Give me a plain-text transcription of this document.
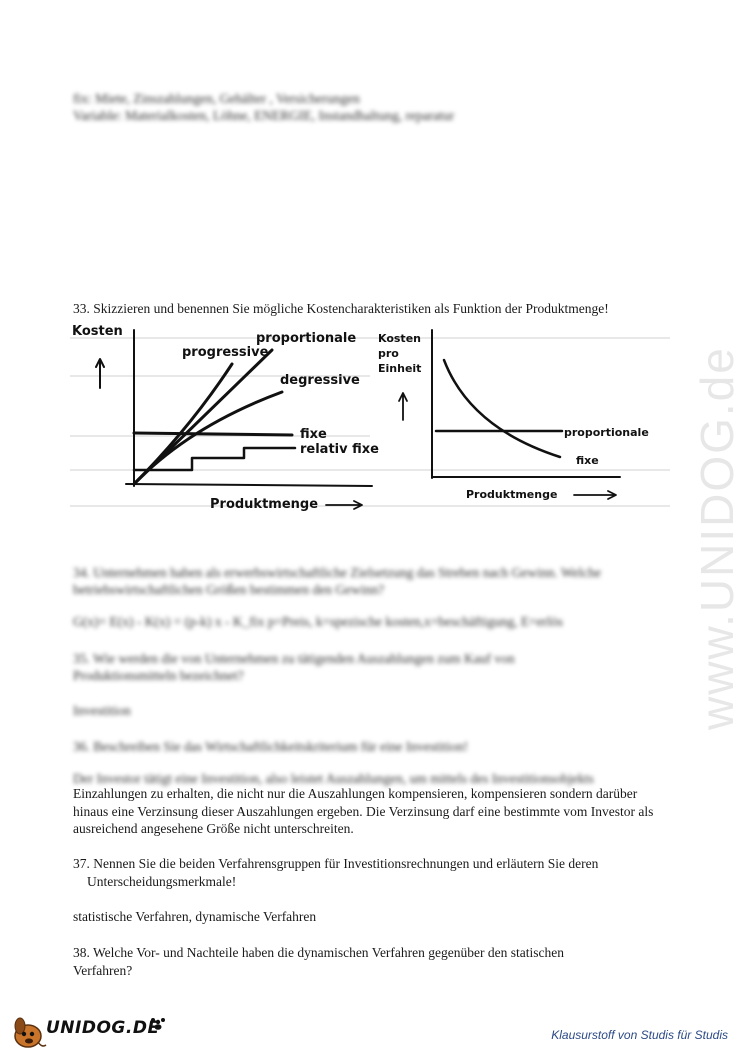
www.UNIDOG.de
fix: Miete, Zinszahlungen, Gehälter , Versicherungen
Variable: Materialkosten, Löhne, ENERGIE, Instandhaltung, reparatur
33. Skizzieren und benennen Sie mögliche Kostencharakteristiken als Funktion der Produktmenge!
Kosten	proportionale
progressive
degressive
fixe
relativ fixe
Produktmenge
Kosten
pro
Einheit
proportionale
fixe
Produktmenge
34. Unternehmen haben als erwerbswirtschaftliche Zielsetzung das Streben nach Gewinn. Welche
betriebswirtschaftlichen Größen bestimmen den Gewinn?
G(x)= E(x) - K(x) = (p-k) x - K_fix p=Preis, k=spezische kosten,x=beschäftigung, E=erlös
35. Wie werden die von Unternehmen zu tätigenden Auszahlungen zum Kauf von
Produktionsmitteln bezeichnet?
Investition
36. Beschreiben Sie das Wirtschaftlichkeitskriterium für eine Investition!
Der Investor tätigt eine Investition, also leistet Auszahlungen, um mittels des Investitionsobjekts
Einzahlungen zu erhalten, die nicht nur die Auszahlungen kompensieren, kompensieren sondern darüber hinaus eine Verzinsung dieser Auszahlungen ergeben. Die Verzinsung darf eine bestimmte vom Investor als ausreichend angesehene Größe nicht unterschreiten.
37. Nennen Sie die beiden Verfahrensgruppen für Investitionsrechnungen und erläutern Sie deren
Unterscheidungsmerkmale!
statistische Verfahren, dynamische Verfahren
38. Welche Vor- und Nachteile haben die dynamischen Verfahren gegenüber den statischen
Verfahren?
UNIDOG.DE	Klausurstoff von Studis für Studis
